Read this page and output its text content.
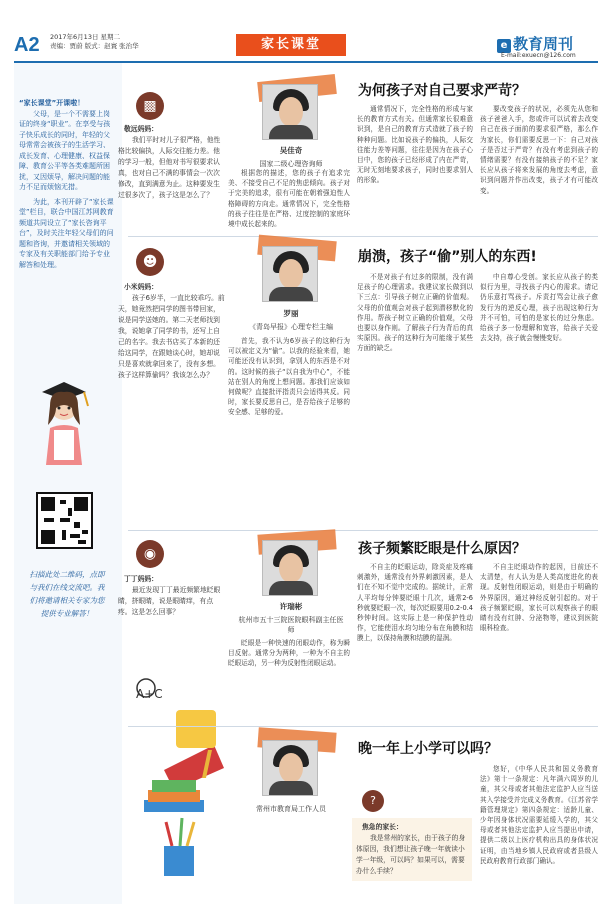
A2 2017年6月13日 星期二
责编：贾蔚 版式：赵寰 张治华	家长课堂	e 教育周刊
E-mail:exuecn@126.com
“家长课堂”开课啦！

父母，是一个不需要上岗证的终身“职业”。在享受与孩子快乐成长的同时，年轻的父母常常会被孩子的生活学习、成长发育、心理健康、权益保障、教育公平等各类难题所困扰，又因烦导，解决问题的能力不足而烦恼无措。

为此，本刊开辟了“家长课堂”栏目，联合中国江苏网教育频道共同设立了“家长咨询平台”，及时关注年轻父母们的问题和咨询，并邀请相关领域的专家及有关职能部门给予专业解答和处理。

扫描此处二维码，点即与我们在线交流吧。我们将邀请相关专家为您提供专业解答！
A+C
▩
敬远妈妈：
我们平时对儿子很严格，他性格比较偏执，人际交往能力差。他的学习一般，但他对书写很要求认真，也对自己不满的事情会一次次修改，直到满意为止。这种要发生过很多次了，孩子这是怎么了？
吴佳奇
国家二级心理咨询师
为何孩子对自己要求严苛？

根据您的描述，您的孩子有追求完美、不接受自己不足的焦虑倾向。孩子对于完美的追求，很有可能在朝着强迫性人格障碍的方向走。通常情况下，完全性格的孩子往往是在严格、过度控制的家庭环境中成长起来的。

通常情况下，完全性格的形成与家长的教育方式有关。但通常家长很难意识到，是自己的教育方式造就了孩子的种种问题。比如说孩子的偏执，人际交往能力差等问题，往往是因为在孩子心目中，您的孩子已经形成了内在严苛，无时无刻地要求孩子，同时也要求别人的形象。

要改变孩子的状况，必须先从您和孩子爸爸入手，您或许可以试着去改变自己在孩子面前的要求很严格，那么作为家长，你们需要反思一下：自己对孩子是否过于严苛？有没有考虑到孩子的情绪需要？有没有接纳孩子的不足？家长应从孩子将来发展的角度去考虑，意识到问题并作出改变，孩子才有可能改变。

☻
小米妈妈：
孩子6岁半，一直比较乖巧。前天，她竟然把同学的图书带回家，说是同学送她的。第二天老师找到我，说她拿了同学的书，还写上自己的名字。我去书店买了本新的还给这同学，在跟她谈心时，她却说只是喜欢就拿回来了，没有多想。孩子这样算偷吗？我该怎么办？
罗丽
《青岛早报》心理专栏主编
崩溃，孩子“偷”别人的东西!

首先，我不认为6岁孩子的这种行为可以被定义为“偷”。以我的经验来看，她可能还没有认识到，拿别人的东西是不对的。这时候的孩子“以自我为中心”，不能站在别人的角度上想问题。那我们应该如何做呢？直接批评指责只会适得其反。同时，家长要反思自己，是否给孩子足够的安全感、足够的爱。

不是对孩子有过多的限制，没有满足孩子的心理需求。我建议家长做到以下三点：引导孩子树立正确的价值观。父母的价值观会对孩子起到潜移默化的作用。帮孩子树立正确的价值观，父母也要以身作则。了解孩子行为背后的真实原因。孩子的这种行为可能缘于某些方面的缺乏。

中自尊心受创。家长应从孩子的类似行为里，寻找孩子内心的需求。请记仍乐意打骂孩子。斥责打骂会让孩子愈发行为的逆反心理，孩子出现这种行为并不可怕，可怕的是家长的过分焦虑。给孩子多一份理解和宽容，给孩子关爱去支持，孩子就会慢慢变好。

◉
丁丁妈妈：
最近发现丁丁最近频繁地眨眼睛，挤眼睛，说是眼睛痒，有点疼。这是怎么回事？
许瑞彬
杭州市五十三院医院眼科副主任医师
孩子频繁眨眼是什么原因？

眨眼是一种快速的闭眼动作，称为瞬目反射。通常分为两种，一种为不自主的眨眼运动，另一种为反射性闭眼运动。

不自主的眨眼运动，除炎症及疼痛刺激外，通常没有外界刺激因素，是人们在不知不觉中完成的。据统计，正常人平均每分钟要眨眼十几次，通常2-6秒就要眨眼一次，每次眨眼要用0.2-0.4秒钟时间。这实际上是一种保护性动作，它能使泪水均匀地分布在角膜和结膜上，以保持角膜和结膜的湿润。

不自主眨眼动作的起因，目前还不太清楚，有人认为是人类高度进化的表现。反射性闭眼运动，则是由于明确的外界原因，通过神经反射引起的。对于孩子频繁眨眼，家长可以观察孩子的眼睛有没有红肿、分泌物等，建议到医院眼科检查。

常州市教育局工作人员
晚一年上小学可以吗？
?
焦急的家长：
我是常州的家长，由于孩子的身体原因，我们想让孩子晚一年就读小学一年级，可以吗？如果可以，需要办什么手续？

您好，《中华人民共和国义务教育法》第十一条规定：凡年满六周岁的儿童，其父母或者其他法定监护人应当送其入学接受并完成义务教育。《江苏省学籍管理规定》第四条规定：适龄儿童、少年因身体状况需要延缓入学的，其父母或者其他法定监护人应当提出申请，提供二级以上医疗机构出具的身体状况证明，由当地乡镇人民政府或者县级人民政府教育行政部门确认。
